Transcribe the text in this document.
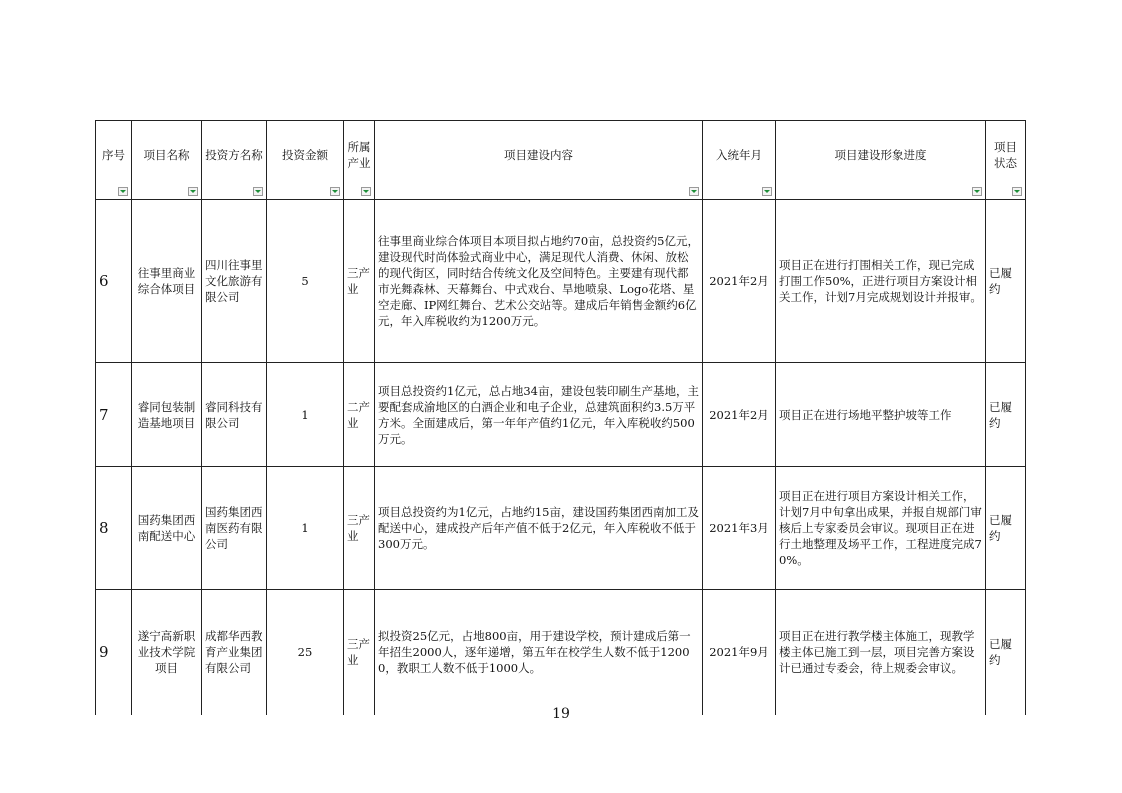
序号	项目名称	投资方名称	投资金额	所属产业	项目建设内容	入统年月	项目建设形象进度	项目状态

6	往事里商业综合体项目	四川往事里文化旅游有限公司	5	三产业	往事里商业综合体项目本项目拟占地约70亩，总投资约5亿元，建设现代时尚体验式商业中心，满足现代人消费、休闲、放松的现代街区，同时结合传统文化及空间特色。主要建有现代都市光舞森林、天幕舞台、中式戏台、旱地喷泉、Logo花塔、星空走廊、IP网红舞台、艺术公交站等。建成后年销售金额约6亿元，年入库税收约为1200万元。	2021年2月	项目正在进行打围相关工作，现已完成打围工作50%，正进行项目方案设计相关工作，计划7月完成规划设计并报审。	已履约
7	睿同包装制造基地项目	睿同科技有限公司	1	二产业	项目总投资约1亿元，总占地34亩，建设包装印刷生产基地，主要配套成渝地区的白酒企业和电子企业，总建筑面积约3.5万平方米。全面建成后，第一年年产值约1亿元，年入库税收约500万元。	2021年2月	项目正在进行场地平整护坡等工作	已履约
8	国药集团西南配送中心	国药集团西南医药有限公司	1	三产业	项目总投资约为1亿元，占地约15亩，建设国药集团西南加工及配送中心，建成投产后年产值不低于2亿元，年入库税收不低于300万元。	2021年3月	项目正在进行项目方案设计相关工作，计划7月中旬拿出成果，并报自规部门审核后上专家委员会审议。现项目正在进行土地整理及场平工作，工程进度完成70%。	已履约
9	遂宁高新职业技术学院项目	成都华西教育产业集团有限公司	25	三产业	拟投资25亿元，占地800亩，用于建设学校，预计建成后第一年招生2000人，逐年递增，第五年在校学生人数不低于12000，教职工人数不低于1000人。	2021年9月	项目正在进行教学楼主体施工，现教学楼主体已施工到一层，项目完善方案设计已通过专委会，待上规委会审议。	已履约
19
